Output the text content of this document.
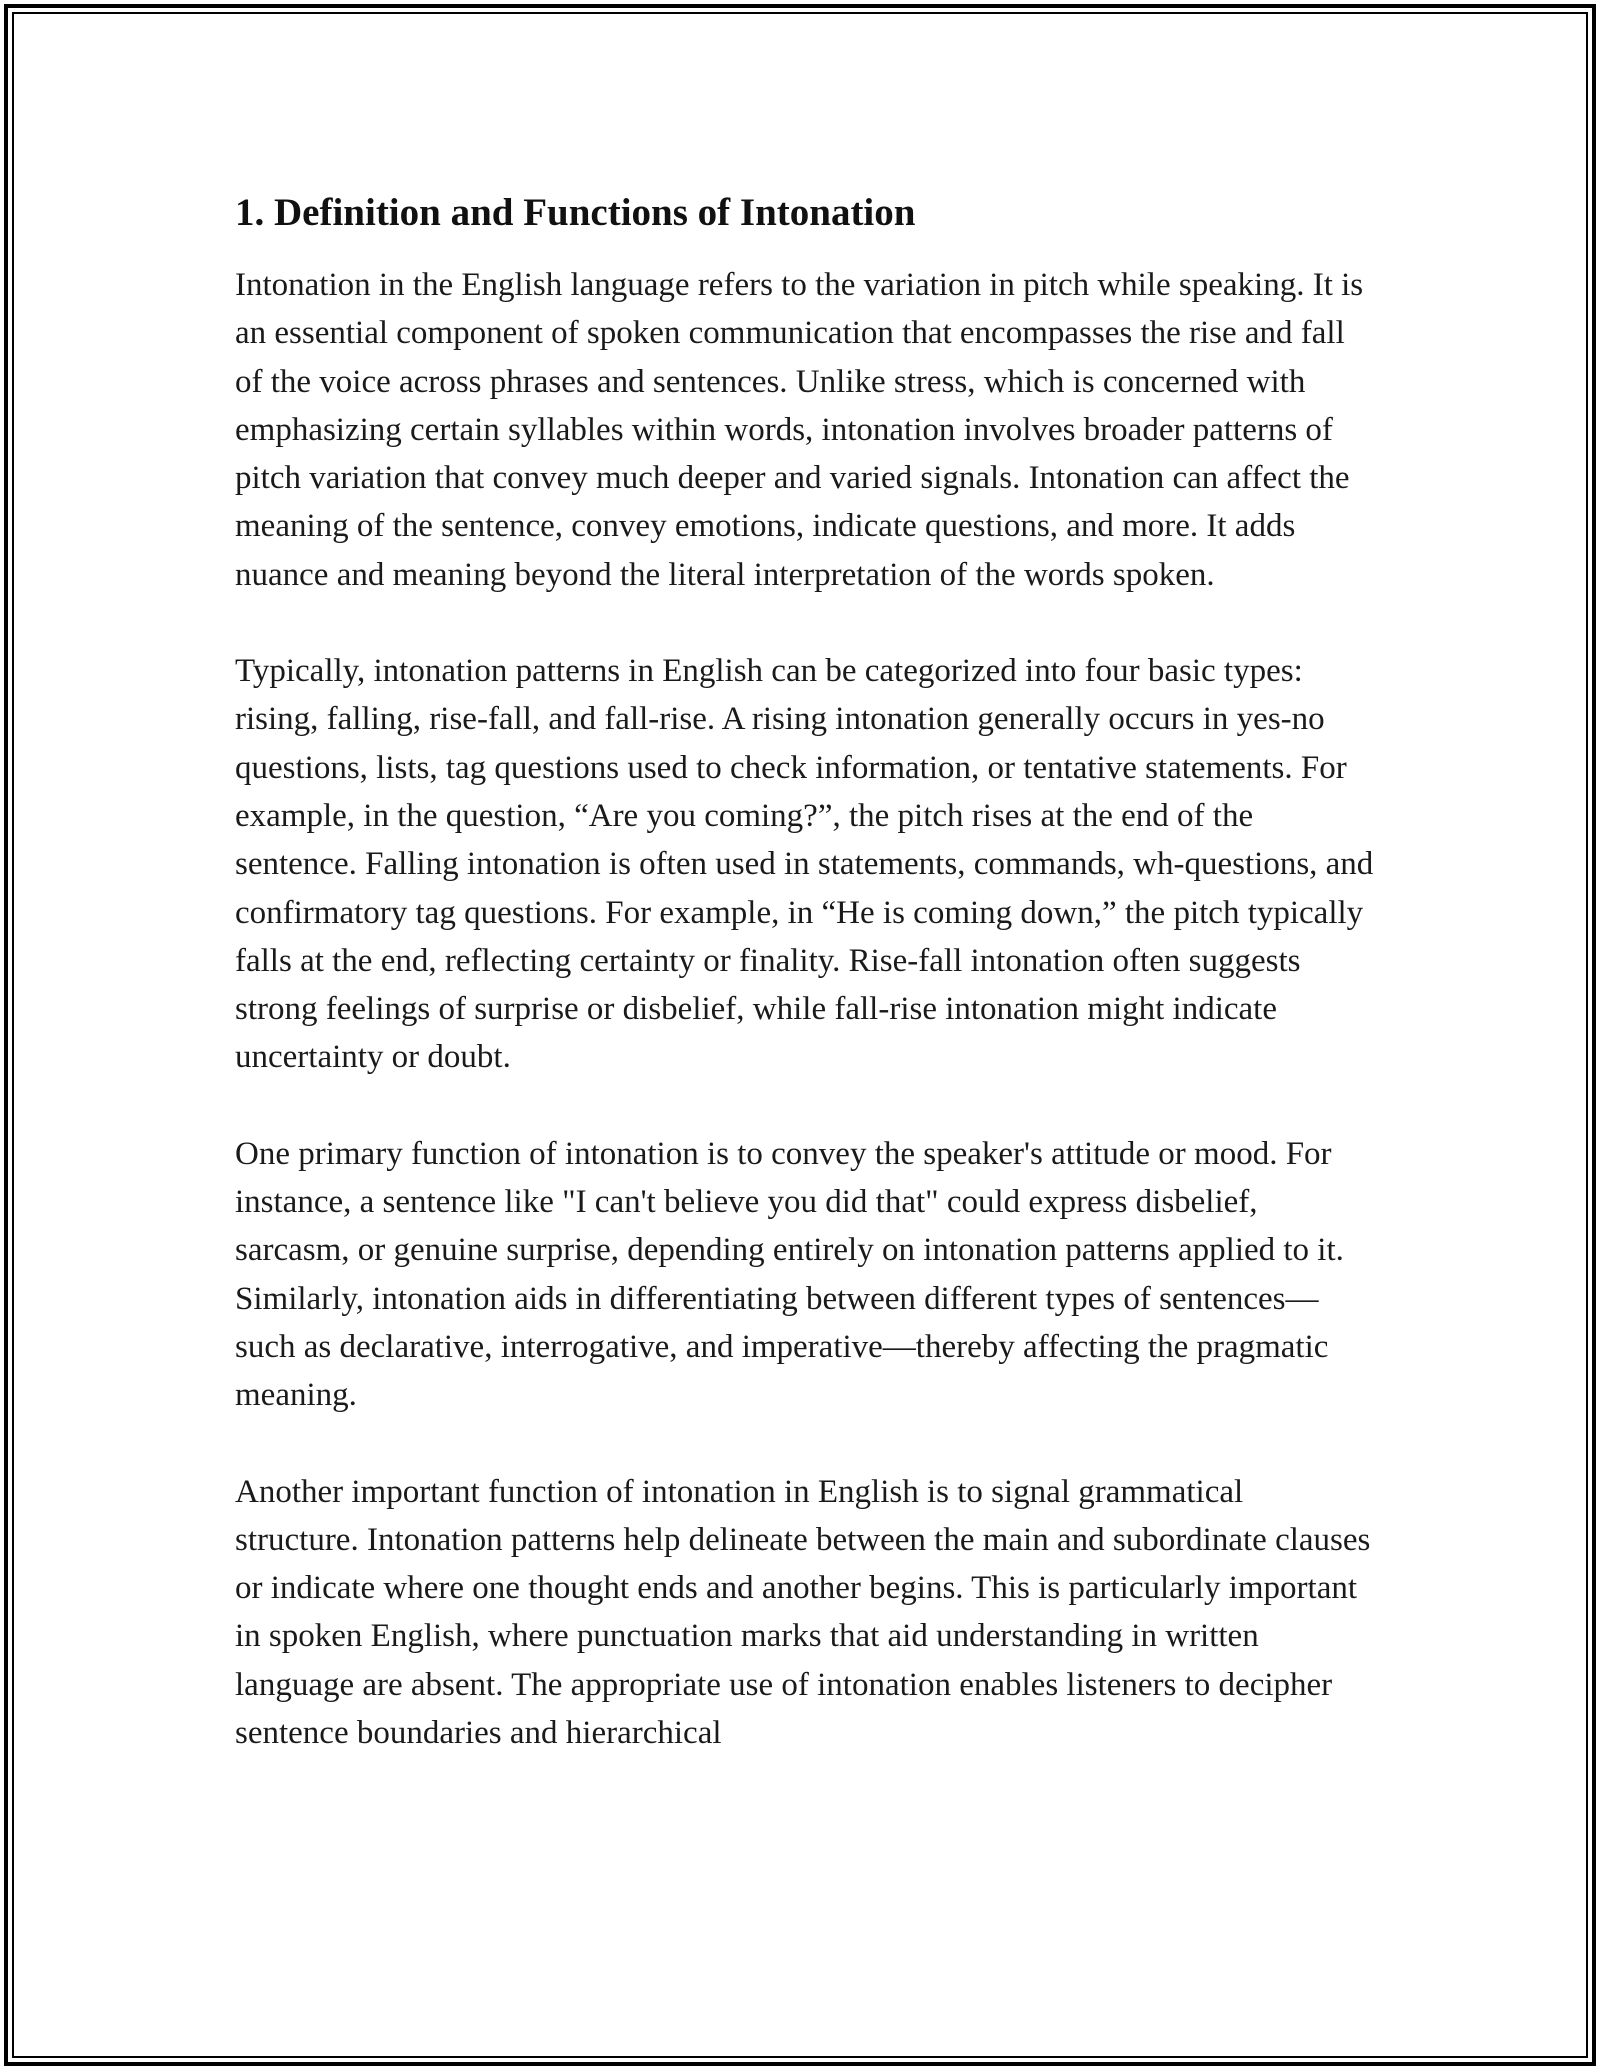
1. Definition and Functions of Intonation

Intonation in the English language refers to the variation in pitch while speaking. It is an essential component of spoken communication that encompasses the rise and fall of the voice across phrases and sentences. Unlike stress, which is concerned with emphasizing certain syllables within words, intonation involves broader patterns of pitch variation that convey much deeper and varied signals. Intonation can affect the meaning of the sentence, convey emotions, indicate questions, and more. It adds nuance and meaning beyond the literal interpretation of the words spoken.

Typically, intonation patterns in English can be categorized into four basic types: rising, falling, rise-fall, and fall-rise. A rising intonation generally occurs in yes-no questions, lists, tag questions used to check information, or tentative statements. For example, in the question, “Are you coming?”, the pitch rises at the end of the sentence. Falling intonation is often used in statements, commands, wh-questions, and confirmatory tag questions. For example, in “He is coming down,” the pitch typically falls at the end, reflecting certainty or finality. Rise-fall intonation often suggests strong feelings of surprise or disbelief, while fall-rise intonation might indicate uncertainty or doubt.

One primary function of intonation is to convey the speaker's attitude or mood. For instance, a sentence like "I can't believe you did that" could express disbelief, sarcasm, or genuine surprise, depending entirely on intonation patterns applied to it. Similarly, intonation aids in differentiating between different types of sentences—such as declarative, interrogative, and imperative—thereby affecting the pragmatic meaning.

Another important function of intonation in English is to signal grammatical structure. Intonation patterns help delineate between the main and subordinate clauses or indicate where one thought ends and another begins. This is particularly important in spoken English, where punctuation marks that aid understanding in written language are absent. The appropriate use of intonation enables listeners to decipher sentence boundaries and hierarchical
